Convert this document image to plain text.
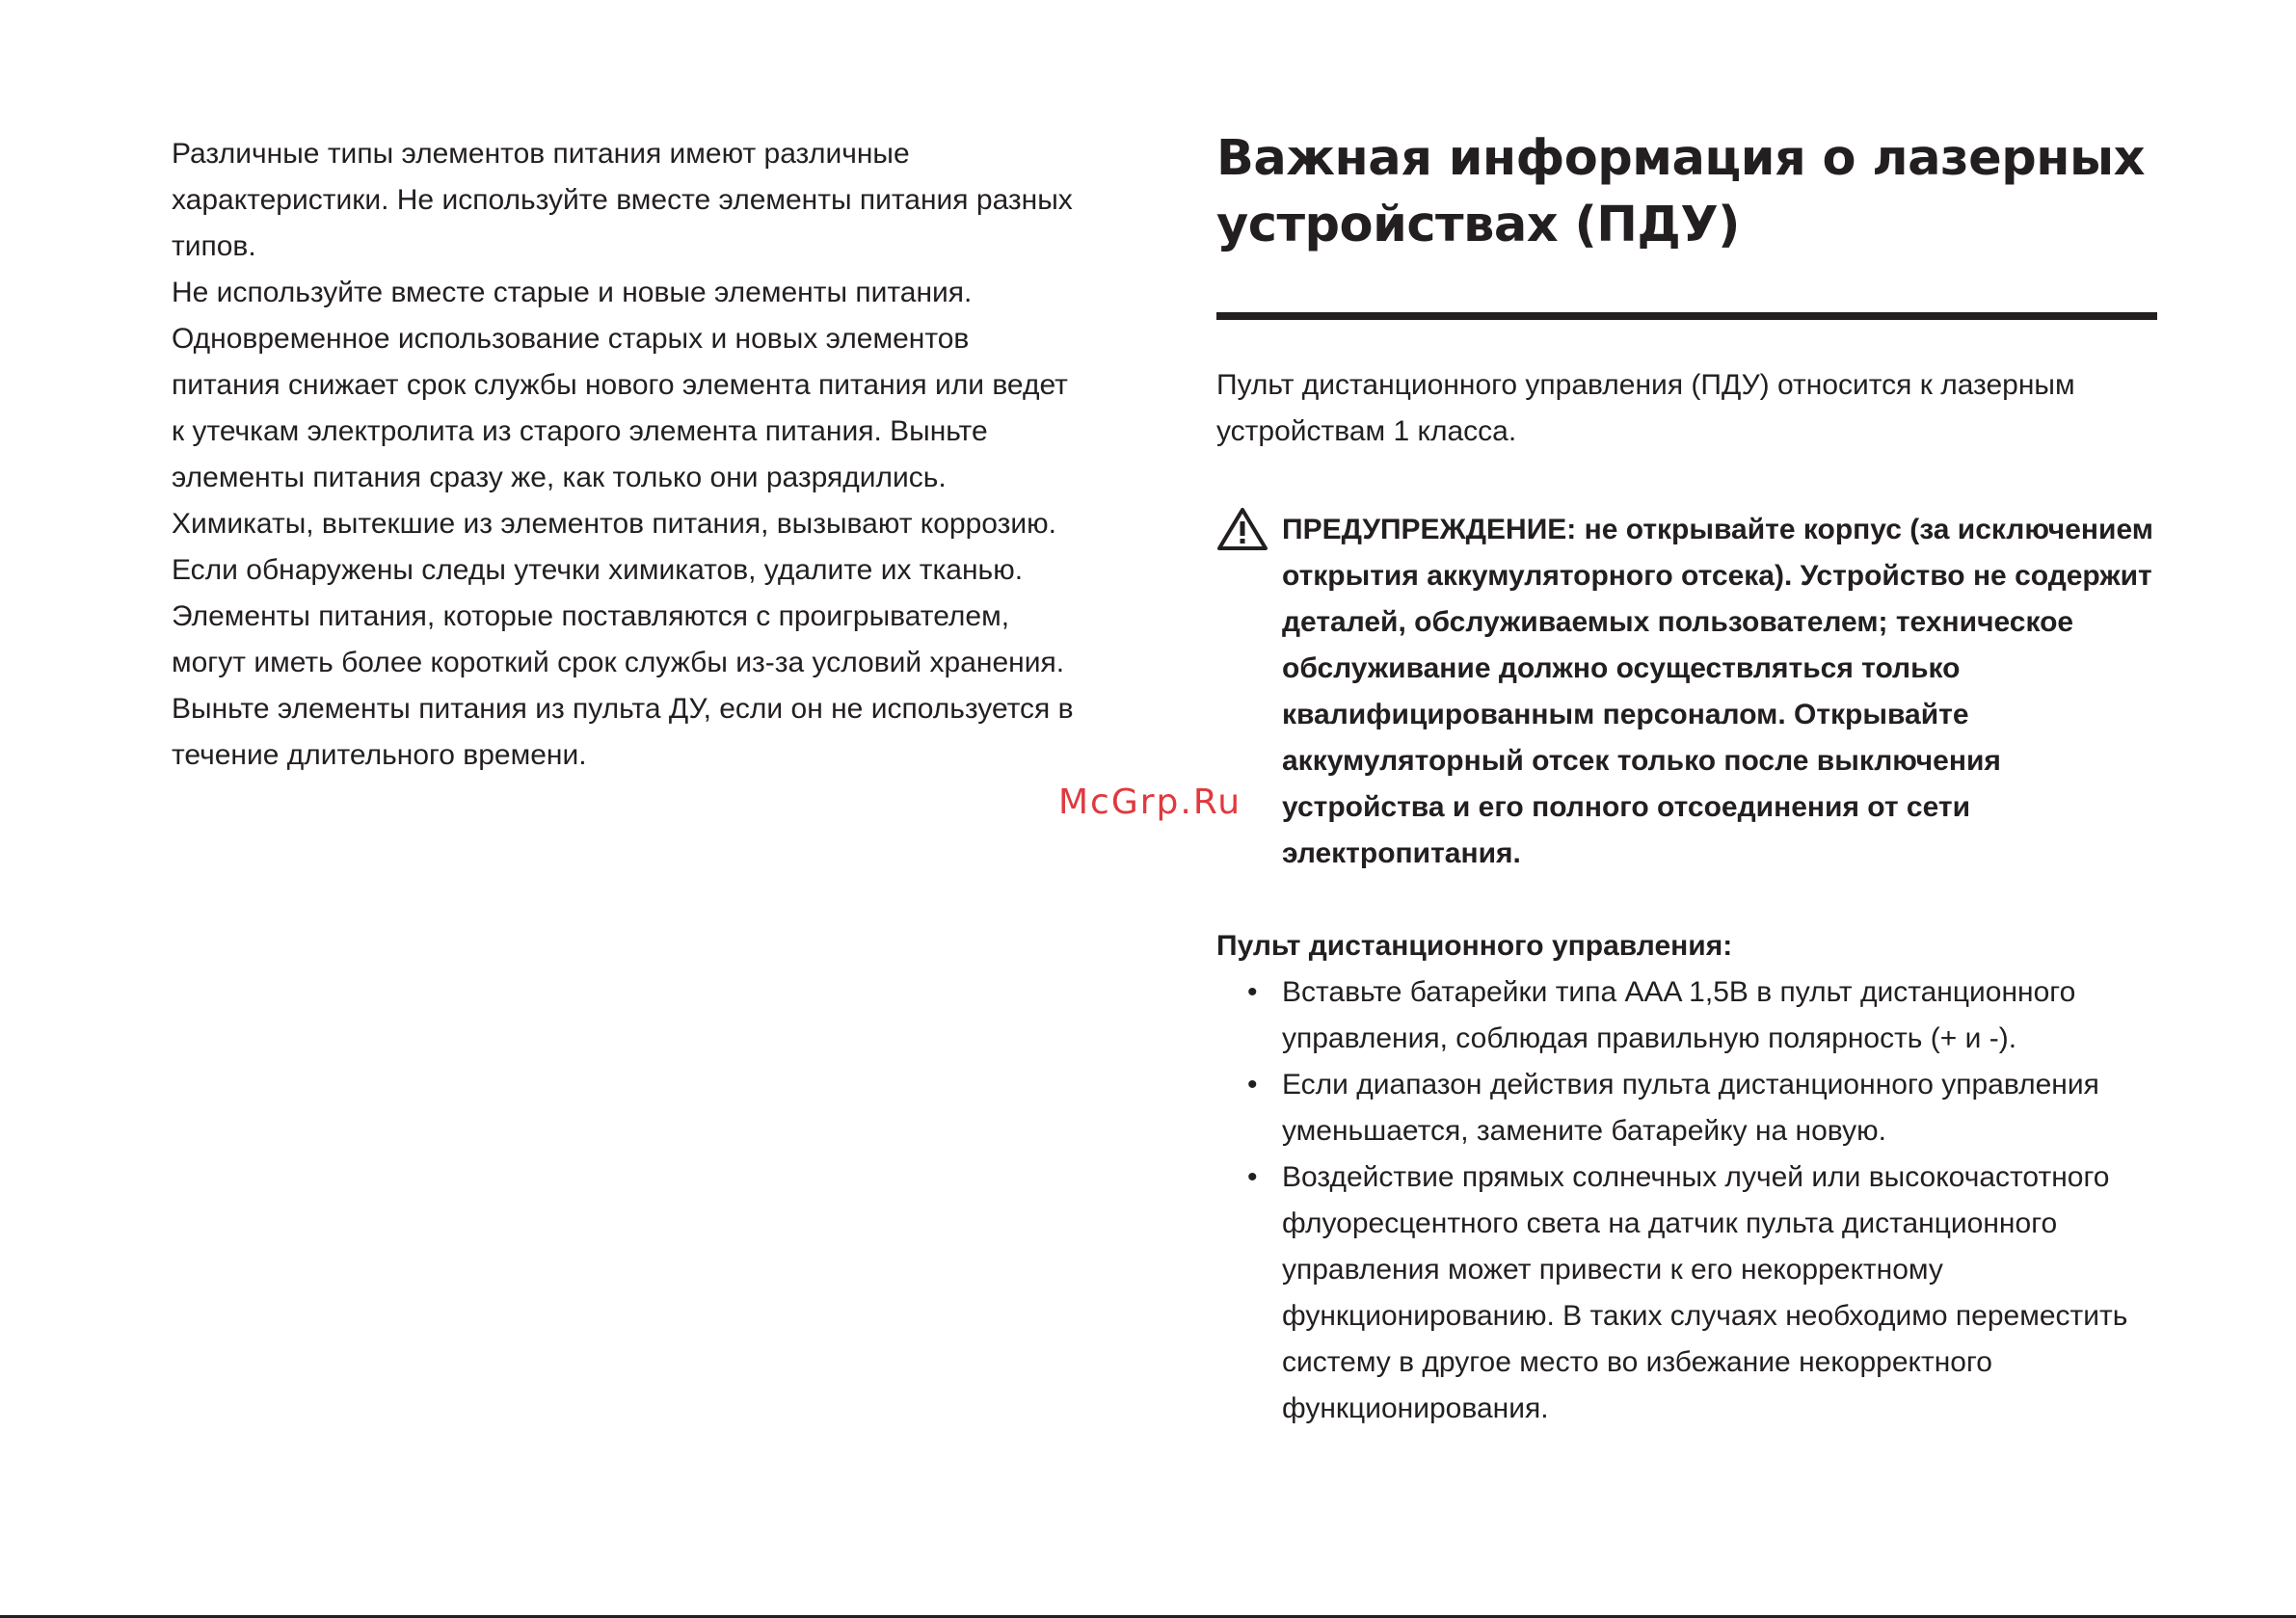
Различные типы элементов питания имеют различные характеристики. Не используйте вместе элементы питания разных типов.

Не используйте вместе старые и новые элементы питания. Одновременное использование старых и новых элементов питания снижает срок службы нового элемента питания или ведет к утечкам электролита из старого элемента питания. Выньте элементы питания сразу же, как только они разрядились. Химикаты, вытекшие из элементов питания, вызывают коррозию. Если обнаружены следы утечки химикатов, удалите их тканью. Элементы питания, которые поставляются с проигрывателем, могут иметь более короткий срок службы из-за условий хранения. Выньте элементы питания из пульта ДУ, если он не используется в течение длительного времени.

Важная информация о лазерных
устройствах (ПДУ)

Пульт дистанционного управления (ПДУ) относится к лазерным устройствам 1 класса.

ПРЕДУПРЕЖДЕНИЕ: не открывайте корпус (за исключением открытия аккумуляторного отсека). Устройство не содержит деталей, обслуживаемых пользователем; техническое обслуживание должно осуществляться только квалифицированным персоналом. Открывайте аккумуляторный отсек только после выключения устройства и его полного отсоединения от сети электропитания.

Пульт дистанционного управления:

• Вставьте батарейки типа AAA 1,5В в пульт дистанционного управления, соблюдая правильную полярность (+ и -).
• Если диапазон действия пульта дистанционного управления уменьшается, замените батарейку на новую.
• Воздействие прямых солнечных лучей или высокочастотного флуоресцентного света на датчик пульта дистанционного управления может привести к его некорректному функционированию. В таких случаях необходимо переместить систему в другое место во избежание некорректного функционирования.
McGrp.Ru
